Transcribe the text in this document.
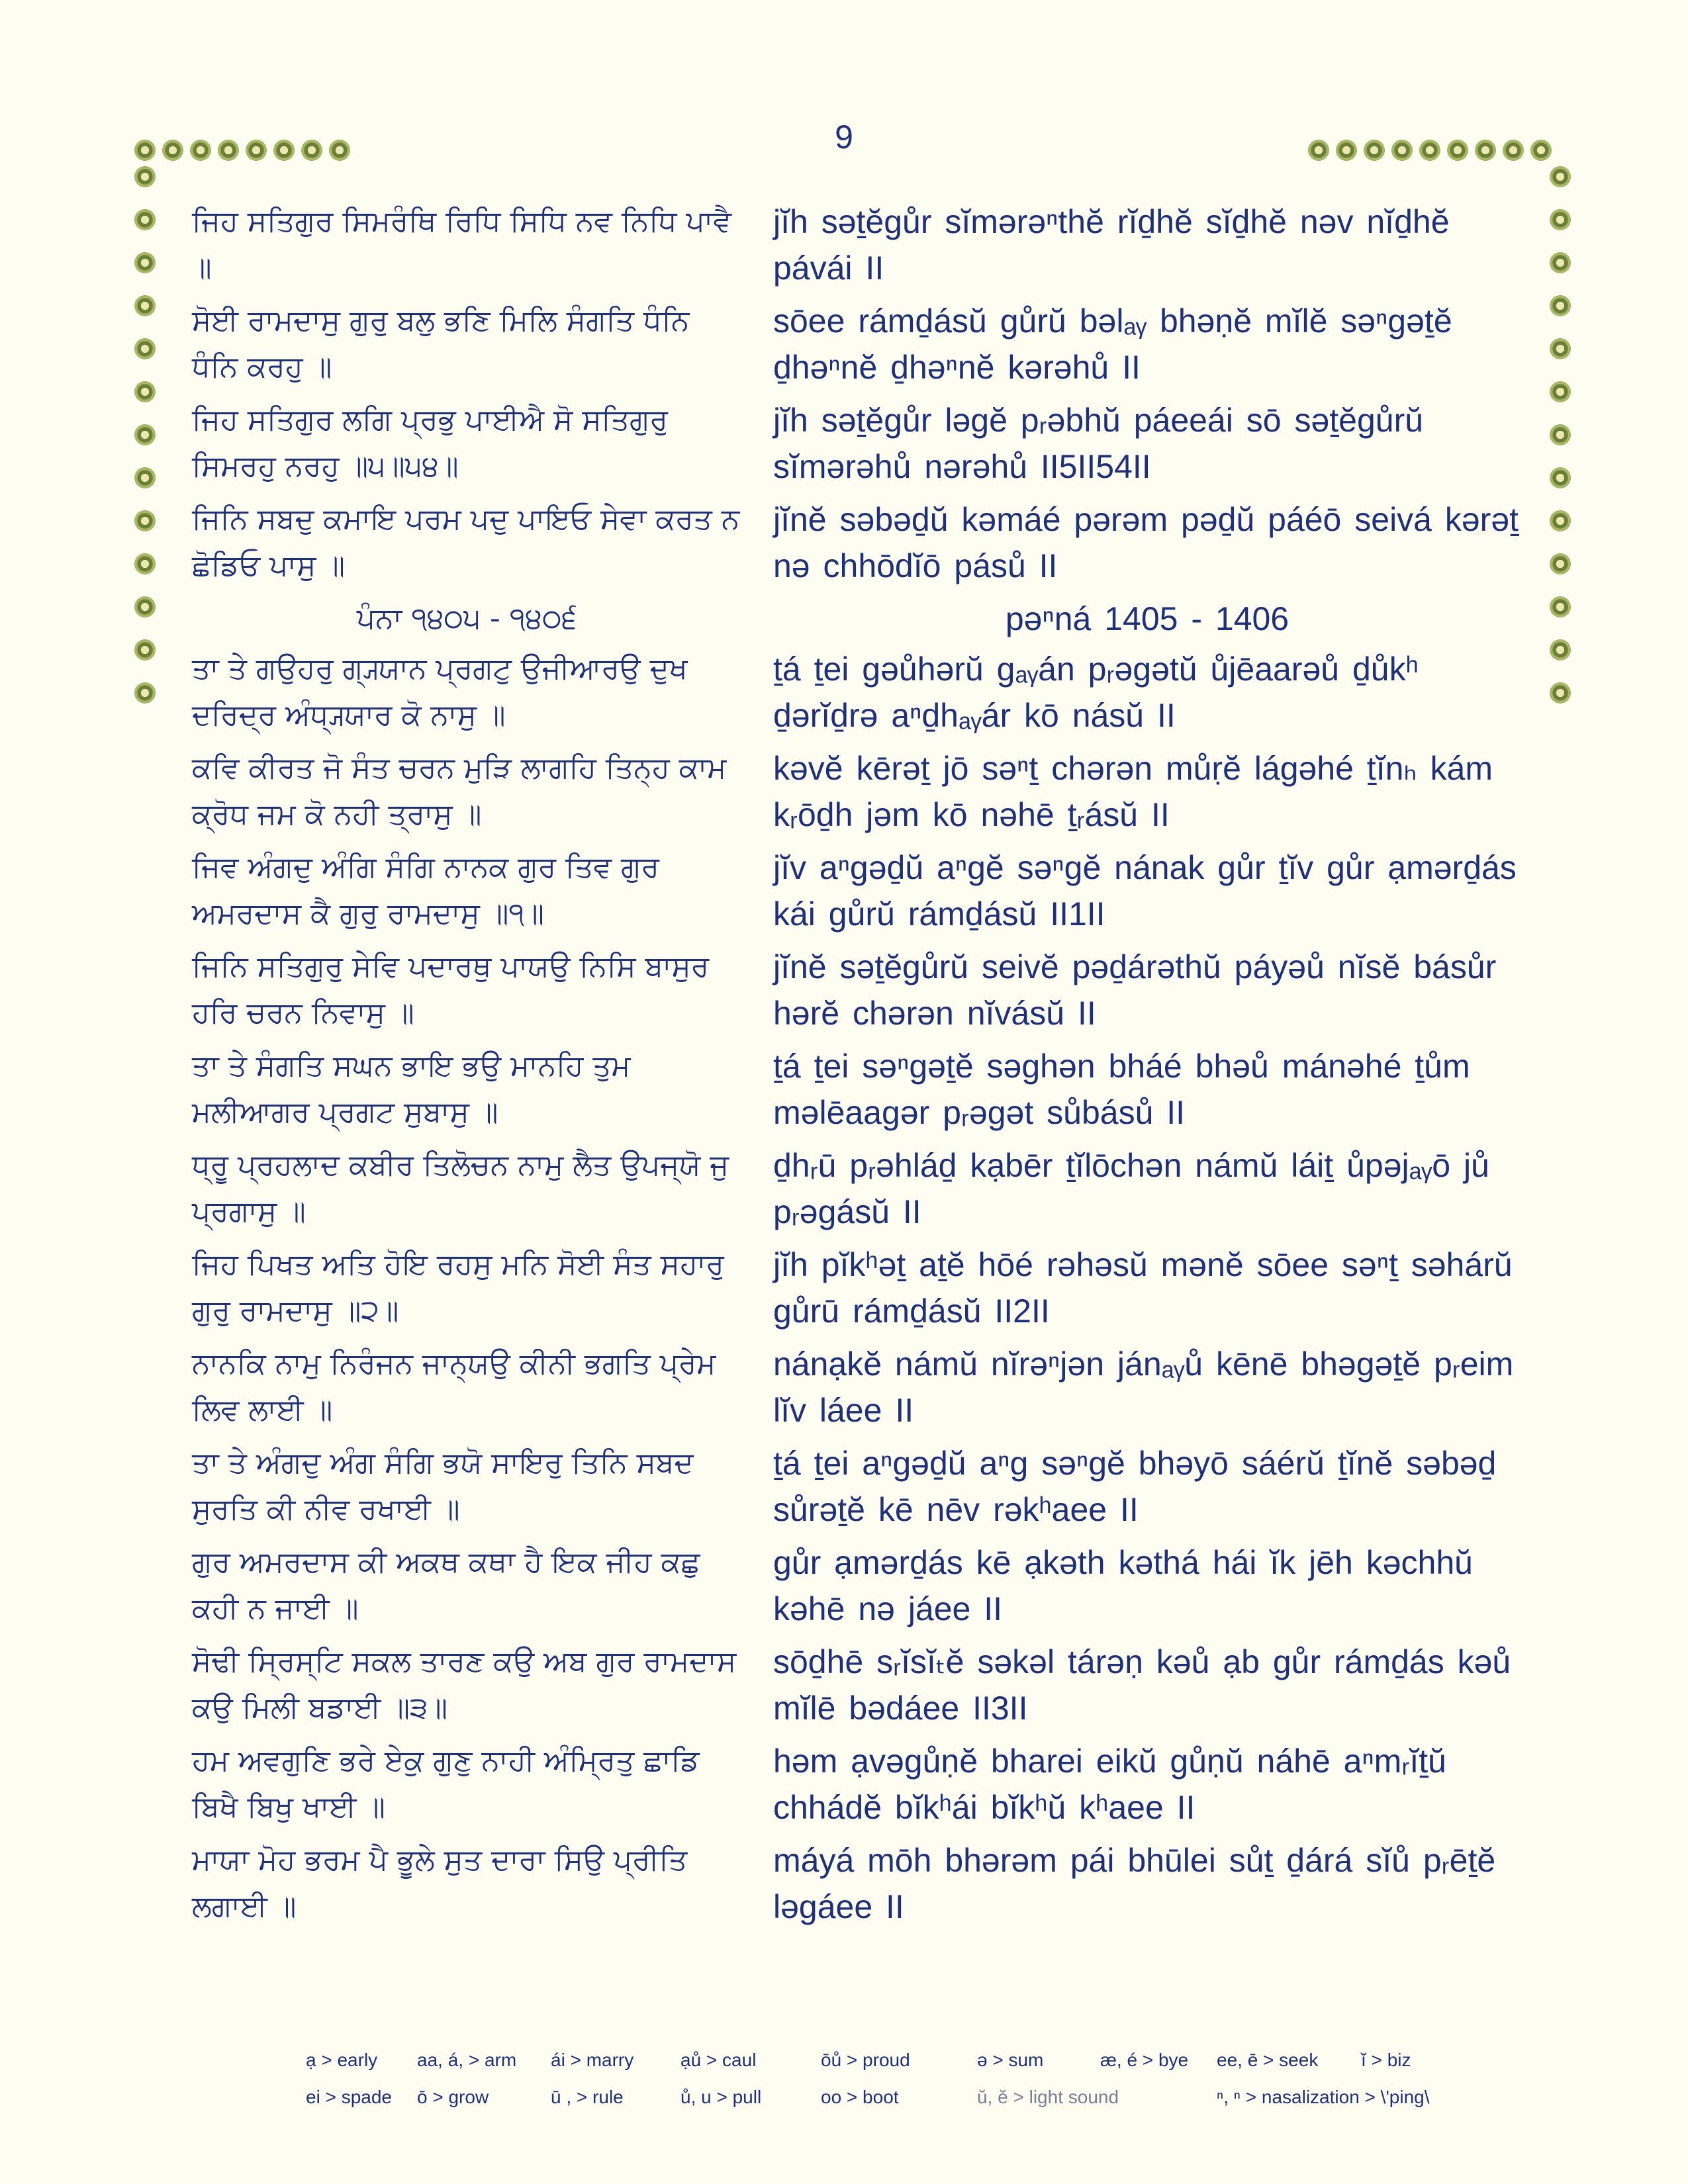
9
ਜਿਹ ਸਤਿਗੁਰ ਸਿਮਰੰਥਿ ਰਿਧਿ ਸਿਧਿ ਨਵ ਨਿਧਿ ਪਾਵੈ ॥
jĭh səṯĕgůr sĭmərəⁿthĕ rĭḏhĕ sĭḏhĕ nəv nĭḏhĕ pávái II
ਸੋਈ ਰਾਮਦਾਸੁ ਗੁਰੁ ਬਲੁ ਭਣਿ ਮਿਲਿ ਸੰਗਤਿ ਧੰਨਿ ਧੰਨਿ ਕਰਹੁ ॥
sōee rámḏásŭ gůrŭ bəlₐᵧ bhəṇĕ mĭlĕ səⁿgəṯĕ ḏhəⁿnĕ ḏhəⁿnĕ kərəhů II
ਜਿਹ ਸਤਿਗੁਰ ਲਗਿ ਪ੍ਰਭੁ ਪਾਈਐ ਸੋ ਸਤਿਗੁਰੁ ਸਿਮਰਹੁ ਨਰਹੁ ॥੫॥੫੪॥
jĭh səṯĕgůr ləgĕ pᵣəbhŭ páeeái sō səṯĕgůrŭ sĭmərəhů nərəhů II5II54II
ਜਿਨਿ ਸਬਦੁ ਕਮਾਇ ਪਰਮ ਪਦੁ ਪਾਇਓ ਸੇਵਾ ਕਰਤ ਨ ਛੋਡਿਓ ਪਾਸੁ ॥
jĭnĕ səbəḏŭ kəmáé pərəm pəḏŭ páéō seivá kərəṯ nə chhōdĭō pásů II
ਪੰਨਾ ੧੪੦੫ - ੧੪੦੬	pəⁿná 1405 - 1406
ਤਾ ਤੇ ਗਉਹਰੁ ਗ੍ਯ੍ਯਾਨ ਪ੍ਰਗਟੁ ਉਜੀਆਰਉ ਦੁਖ ਦਰਿਦ੍ਰ ਅੰਧ੍ਯ੍ਯਾਰ ਕੋ ਨਾਸੁ ॥
ṯá ṯei gəůhərŭ gₐᵧán pᵣəgətŭ ůjēaarəů ḏůkʰ ḏərĭḏrə aⁿḏhₐᵧár kō násŭ II
ਕਵਿ ਕੀਰਤ ਜੋ ਸੰਤ ਚਰਨ ਮੁੜਿ ਲਾਗਹਿ ਤਿਨ੍ਹ ਕਾਮ ਕ੍ਰੋਧ ਜਮ ਕੋ ਨਹੀ ਤ੍ਰਾਸੁ ॥
kəvĕ kērəṯ jō səⁿṯ chərən můṛĕ lágəhé ṯĭnₕ kám kᵣōḏh jəm kō nəhē ṯᵣásŭ II
ਜਿਵ ਅੰਗਦੁ ਅੰਗਿ ਸੰਗਿ ਨਾਨਕ ਗੁਰ ਤਿਵ ਗੁਰ ਅਮਰਦਾਸ ਕੈ ਗੁਰੁ ਰਾਮਦਾਸੁ ॥੧॥
jĭv aⁿgəḏŭ aⁿgĕ səⁿgĕ nának gůr ṯĭv gůr ạmərḏás kái gůrŭ rámḏásŭ II1II
ਜਿਨਿ ਸਤਿਗੁਰੁ ਸੇਵਿ ਪਦਾਰਥੁ ਪਾਯਉ ਨਿਸਿ ਬਾਸੁਰ ਹਰਿ ਚਰਨ ਨਿਵਾਸੁ ॥
jĭnĕ səṯĕgůrŭ seivĕ pəḏárəthŭ páyəů nĭsĕ básůr hərĕ chərən nĭvásŭ II
ਤਾ ਤੇ ਸੰਗਤਿ ਸਘਨ ਭਾਇ ਭਉ ਮਾਨਹਿ ਤੁਮ ਮਲੀਆਗਰ ਪ੍ਰਗਟ ਸੁਬਾਸੁ ॥
ṯá ṯei səⁿgəṯĕ səghən bháé bhəů mánəhé ṯům məlēaagər pᵣəgət sůbásů II
ਧ੍ਰੂ ਪ੍ਰਹਲਾਦ ਕਬੀਰ ਤਿਲੋਚਨ ਨਾਮੁ ਲੈਤ ਉਪਜ੍ਯੋ ਜੁ ਪ੍ਰਗਾਸੁ ॥
ḏhᵣū pᵣəhláḏ kạbēr ṯĭlōchən námŭ láiṯ ůpəjₐᵧō jů pᵣəgásŭ II
ਜਿਹ ਪਿਖਤ ਅਤਿ ਹੋਇ ਰਹਸੁ ਮਨਿ ਸੋਈ ਸੰਤ ਸਹਾਰੁ ਗੁਰੁ ਰਾਮਦਾਸੁ ॥੨॥
jĭh pĭkʰəṯ aṯĕ hōé rəhəsŭ mənĕ sōee səⁿṯ səhárŭ gůrū rámḏásŭ II2II
ਨਾਨਕਿ ਨਾਮੁ ਨਿਰੰਜਨ ਜਾਨ੍ਯਉ ਕੀਨੀ ਭਗਤਿ ਪ੍ਰੇਮ ਲਿਵ ਲਾਈ ॥
nánạkĕ námŭ nĭrəⁿjən jánₐᵧů kēnē bhəgəṯĕ pᵣeim lĭv láee II
ਤਾ ਤੇ ਅੰਗਦੁ ਅੰਗ ਸੰਗਿ ਭਯੋ ਸਾਇਰੁ ਤਿਨਿ ਸਬਦ ਸੁਰਤਿ ਕੀ ਨੀਵ ਰਖਾਈ ॥
ṯá ṯei aⁿgəḏŭ aⁿg səⁿgĕ bhəyō sáérŭ ṯĭnĕ səbəḏ sůrəṯĕ kē nēv rəkʰaee II
ਗੁਰ ਅਮਰਦਾਸ ਕੀ ਅਕਥ ਕਥਾ ਹੈ ਇਕ ਜੀਹ ਕਛੁ ਕਹੀ ਨ ਜਾਈ ॥
gůr ạmərḏás kē ạkəth kəthá hái ĭk jēh kəchhŭ kəhē nə jáee II
ਸੋਢੀ ਸ੍ਰਿਸ੍ਟਿ ਸਕਲ ਤਾਰਣ ਕਉ ਅਬ ਗੁਰ ਰਾਮਦਾਸ ਕਉ ਮਿਲੀ ਬਡਾਈ ॥੩॥
sōḏhē sᵣĭsĭₜĕ səkəl tárəṇ kəů ạb gůr rámḏás kəů mĭlē bədáee II3II
ਹਮ ਅਵਗੁਣਿ ਭਰੇ ਏਕੁ ਗੁਣੁ ਨਾਹੀ ਅੰਮ੍ਰਿਤੁ ਛਾਡਿ ਬਿਖੈ ਬਿਖੁ ਖਾਈ ॥
həm ạvəgůṇĕ bharei eikŭ gůṇŭ náhē aⁿmᵣĭṯŭ chhádĕ bĭkʰái bĭkʰŭ kʰaee II
ਮਾਯਾ ਮੋਹ ਭਰਮ ਪੈ ਭੂਲੇ ਸੁਤ ਦਾਰਾ ਸਿਉ ਪ੍ਰੀਤਿ ਲਗਾਈ ॥
máyá mōh bhərəm pái bhūlei sůṯ ḏárá sĭů pᵣēṯĕ ləgáee II
ạ > early	aa, á, > arm	ái > marry	ạů > caul	ōů > proud	ə > sum	æ, é > bye	ee, ē > seek	ĭ > biz
ei > spade	ō > grow	ū , > rule	ů, u > pull	oo > boot	ŭ, ĕ > light sound	ⁿ, ⁿ > nasalization > \'ping\
